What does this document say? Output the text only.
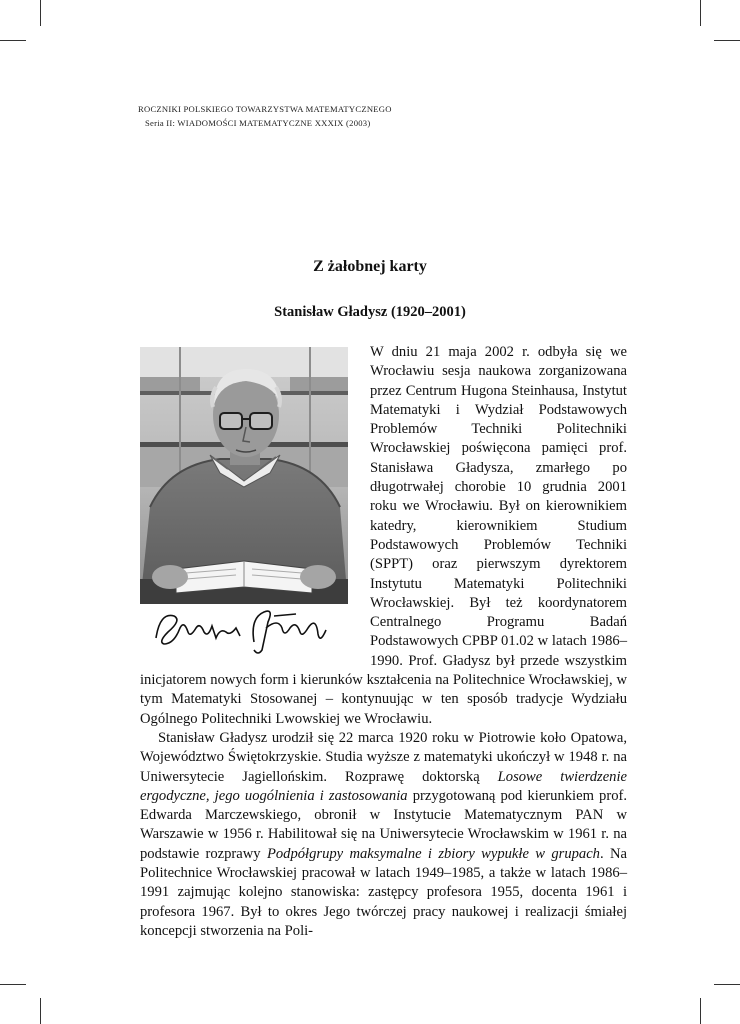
ROCZNIKI POLSKIEGO TOWARZYSTWA MATEMATYCZNEGO
Seria II: WIADOMOŚCI MATEMATYCZNE XXXIX (2003)
Z żałobnej karty
Stanisław Gładysz (1920–2001)

W dniu 21 maja 2002 r. odbyła się we Wrocławiu sesja naukowa zorganizowana przez Centrum Hugona Steinhausa, Instytut Matematyki i Wydział Podstawowych Problemów Techniki Politechniki Wrocławskiej poświęcona pamięci prof. Stanisława Gładysza, zmarłego po długotrwałej chorobie 10 grudnia 2001 roku we Wrocławiu. Był on kierownikiem katedry, kierownikiem Studium Podstawowych Problemów Techniki (SPPT) oraz pierwszym dyrektorem Instytutu Matematyki Politechniki Wrocławskiej. Był też koordynatorem Centralnego Programu Badań Podstawowych CPBP 01.02 w latach 1986–1990. Prof. Gładysz był przede wszystkim inicjatorem nowych form i kierunków kształcenia na Politechnice Wrocławskiej, w tym Matematyki Stosowanej – kontynuując w ten sposób tradycje Wydziału Ogólnego Politechniki Lwowskiej we Wrocławiu.

Stanisław Gładysz urodził się 22 marca 1920 roku w Piotrowie koło Opatowa, Województwo Świętokrzyskie. Studia wyższe z matematyki ukończył w 1948 r. na Uniwersytecie Jagiellońskim. Rozprawę doktorską Losowe twierdzenie ergodyczne, jego uogólnienia i zastosowania przygotowaną pod kierunkiem prof. Edwarda Marczewskiego, obronił w Instytucie Matematycznym PAN w Warszawie w 1956 r. Habilitował się na Uniwersytecie Wrocławskim w 1961 r. na podstawie rozprawy Podpółgrupy maksymalne i zbiory wypukłe w grupach. Na Politechnice Wrocławskiej pracował w latach 1949–1985, a także w latach 1986–1991 zajmując kolejno stanowiska: zastępcy profesora 1955, docenta 1961 i profesora 1967. Był to okres Jego twórczej pracy naukowej i realizacji śmiałej koncepcji stworzenia na Poli-
